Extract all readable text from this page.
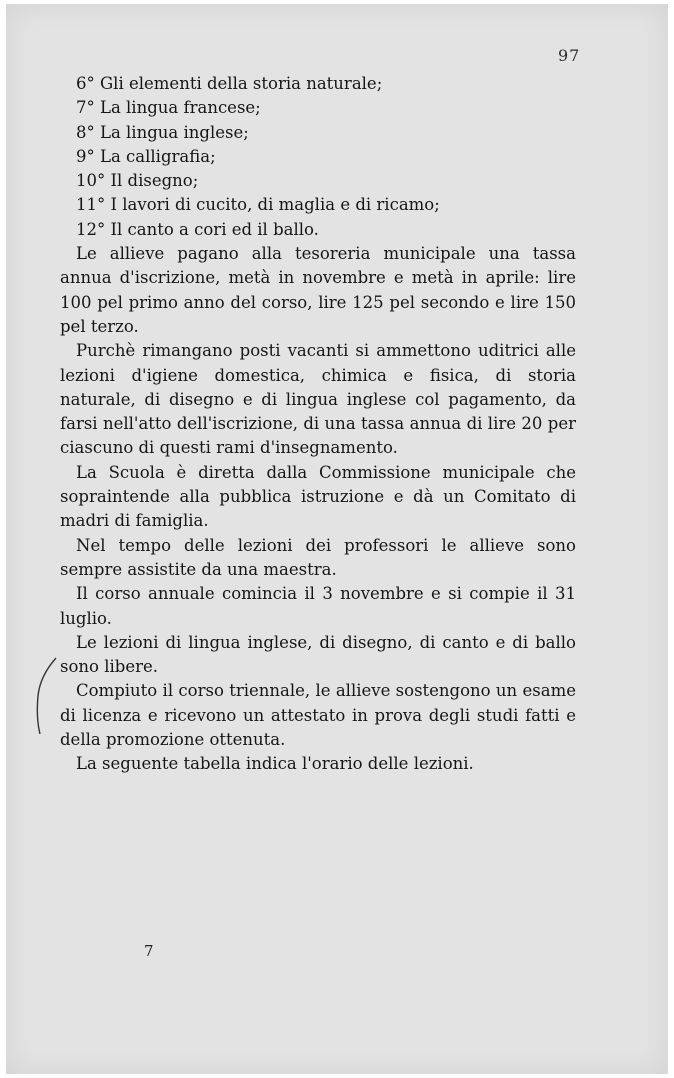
97

6° Gli elementi della storia naturale;

7° La lingua francese;

8° La lingua inglese;

9° La calligrafia;

10° Il disegno;

11° I lavori di cucito, di maglia e di ricamo;

12° Il canto a cori ed il ballo.

Le allieve pagano alla tesoreria municipale una tassa annua d'iscrizione, metà in novembre e metà in aprile: lire 100 pel primo anno del corso, lire 125 pel secondo e lire 150 pel terzo.

Purchè rimangano posti vacanti si ammettono uditrici alle lezioni d'igiene domestica, chimica e fisica, di storia naturale, di disegno e di lingua inglese col pagamento, da farsi nell'atto dell'iscrizione, di una tassa annua di lire 20 per ciascuno di questi rami d'insegnamento.

La Scuola è diretta dalla Commissione municipale che sopraintende alla pubblica istruzione e dà un Comitato di madri di famiglia.

Nel tempo delle lezioni dei professori le allieve sono sempre assistite da una maestra.

Il corso annuale comincia il 3 novembre e si compie il 31 luglio.

Le lezioni di lingua inglese, di disegno, di canto e di ballo sono libere.

Compiuto il corso triennale, le allieve sostengono un esame di licenza e ricevono un attestato in prova degli studi fatti e della promozione ottenuta.

La seguente tabella indica l'orario delle lezioni.

7
